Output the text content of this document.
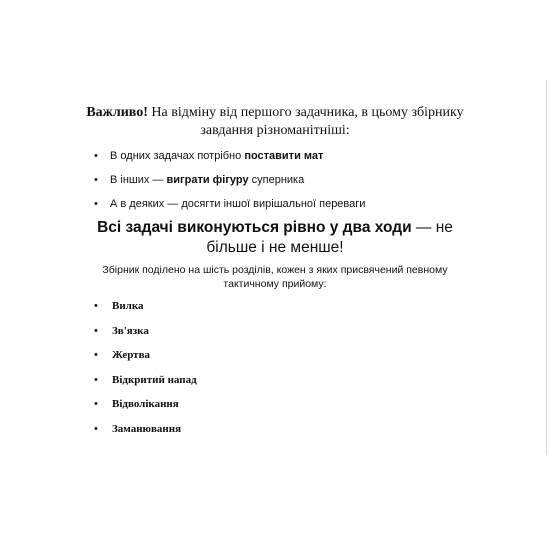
Важливо! На відміну від першого задачника, в цьому збірнику завдання різноманітніші:
• В одних задачах потрібно поставити мат
• В інших — виграти фігуру суперника
• А в деяких — досягти іншої вирішальної переваги
Всі задачі виконуються рівно у два ходи — не більше і не менше!
Збірник поділено на шість розділів, кожен з яких присвячений певному тактичному прийому:
• Вилка
• Зв'язка
• Жертва
• Відкритий напад
• Відволікання
• Заманювання
